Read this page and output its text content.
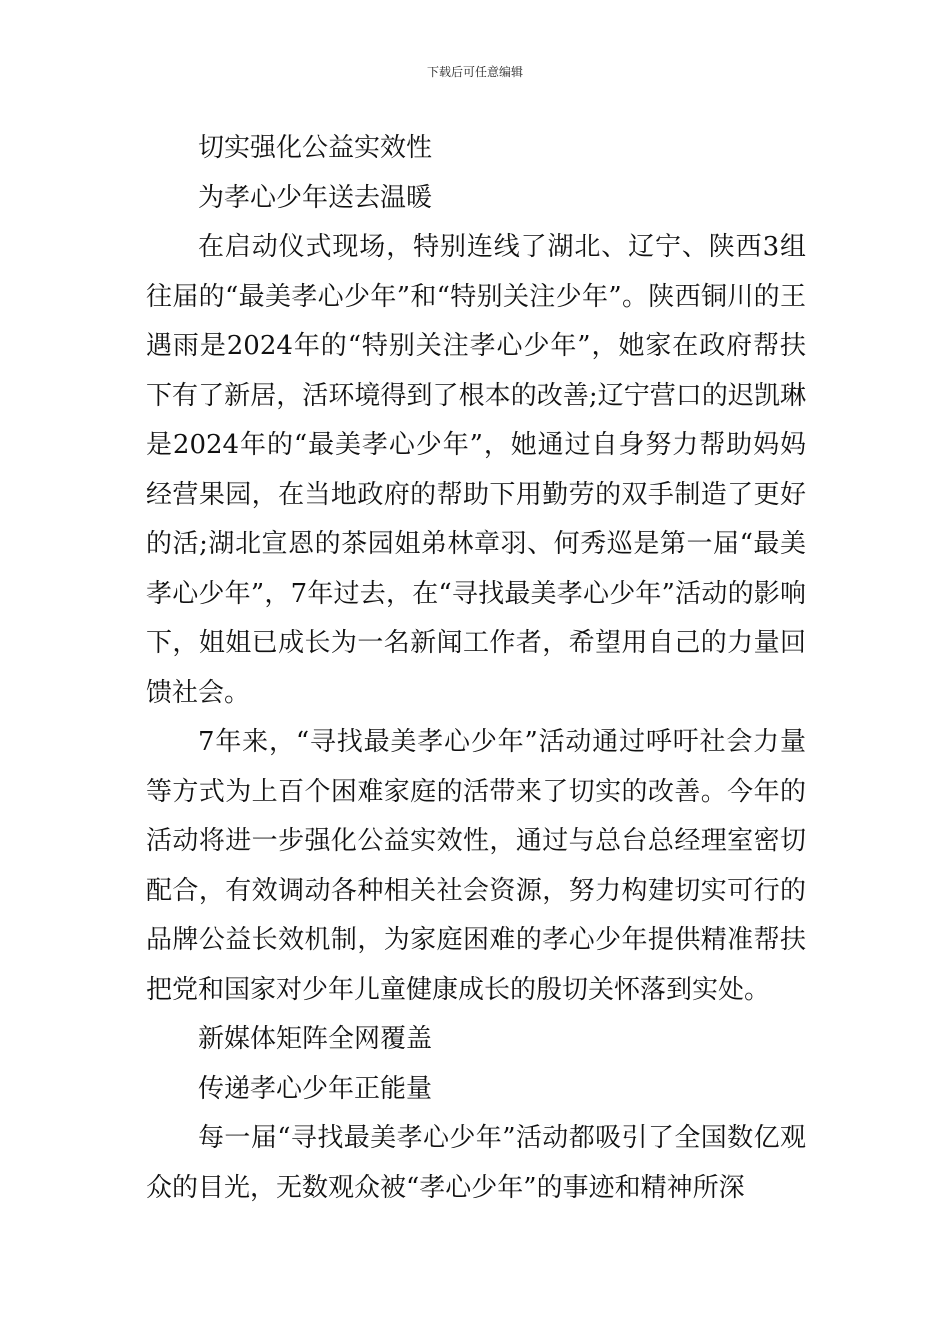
下载后可任意编辑

切实强化公益实效性

为孝心少年送去温暖

在启动仪式现场，特别连线了湖北、辽宁、陕西3组往届的“最美孝心少年”和“特别关注少年”。陕西铜川的王遇雨是2024年的“特别关注孝心少年”，她家在政府帮扶下有了新居，活环境得到了根本的改善;辽宁营口的迟凯琳是2024年的“最美孝心少年”，她通过自身努力帮助妈妈经营果园，在当地政府的帮助下用勤劳的双手制造了更好的活;湖北宣恩的茶园姐弟林章羽、何秀巡是第一届“最美孝心少年”，7年过去，在“寻找最美孝心少年”活动的影响下，姐姐已成长为一名新闻工作者，希望用自己的力量回馈社会。

7年来，“寻找最美孝心少年”活动通过呼吁社会力量等方式为上百个困难家庭的活带来了切实的改善。今年的活动将进一步强化公益实效性，通过与总台总经理室密切配合，有效调动各种相关社会资源，努力构建切实可行的品牌公益长效机制，为家庭困难的孝心少年提供精准帮扶把党和国家对少年儿童健康成长的殷切关怀落到实处。

新媒体矩阵全网覆盖

传递孝心少年正能量

每一届“寻找最美孝心少年”活动都吸引了全国数亿观众的目光，无数观众被“孝心少年”的事迹和精神所深
